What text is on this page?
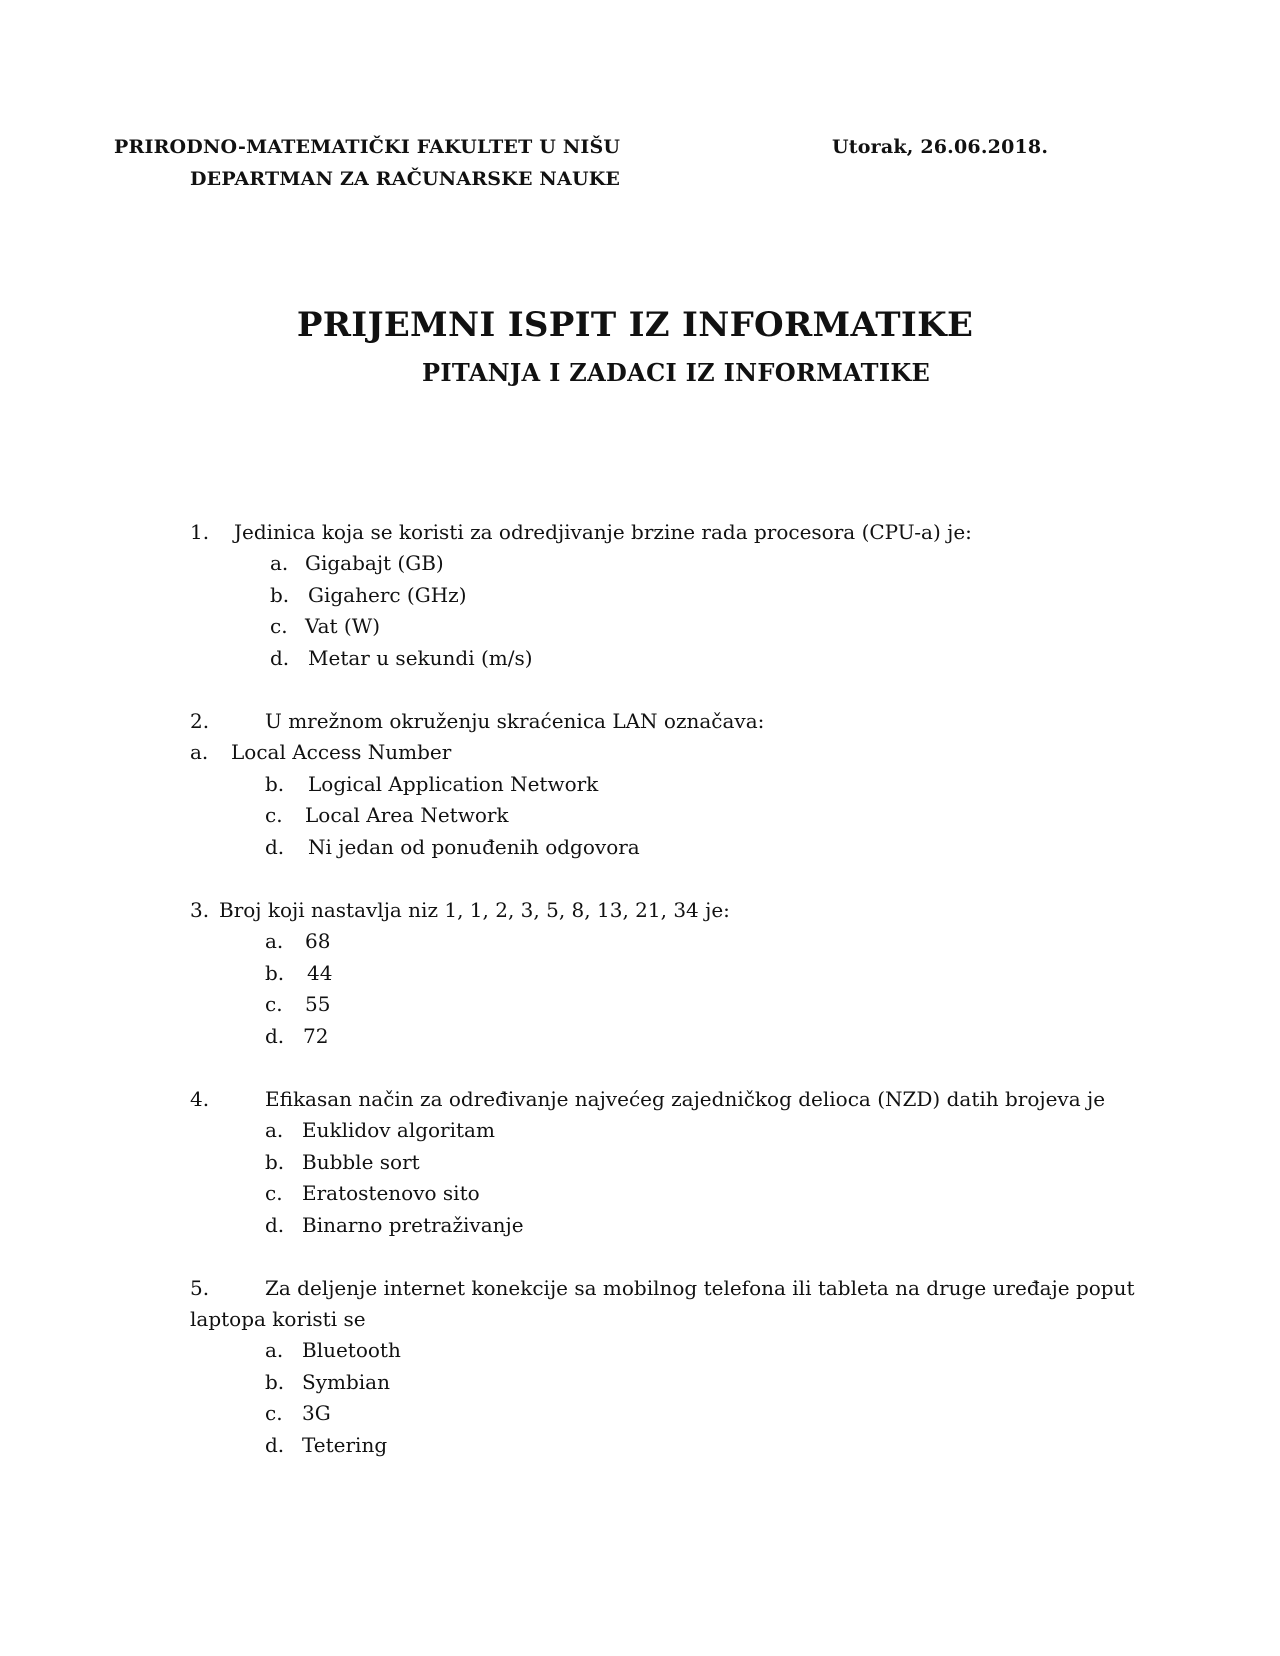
PRIRODNO-MATEMATIČKI FAKULTET U NIŠU
DEPARTMAN ZA RAČUNARSKE NAUKE
Utorak, 26.06.2018.
PRIJEMNI ISPIT IZ INFORMATIKE
PITANJA I ZADACI IZ INFORMATIKE
1. Jedinica koja se koristi za odredjivanje brzine rada procesora (CPU-a) je:
a. Gigabajt (GB)
b. Gigaherc (GHz)
c. Vat (W)
d. Metar u sekundi (m/s)
2.	U mrežnom okruženju skraćenica LAN označava:
a. Local Access Number
b. Logical Application Network
c. Local Area Network
d. Ni jedan od ponuđenih odgovora
3. Broj koji nastavlja niz 1, 1, 2, 3, 5, 8, 13, 21, 34 je:
a. 68
b. 44
c. 55
d. 72
4.	Efikasan način za određivanje najvećeg zajedničkog delioca (NZD) datih brojeva je
a. Euklidov algoritam
b. Bubble sort
c. Eratostenovo sito
d. Binarno pretraživanje
5.	Za deljenje internet konekcije sa mobilnog telefona ili tableta na druge uređaje poput
laptopa koristi se
a. Bluetooth
b. Symbian
c. 3G
d. Tetering
